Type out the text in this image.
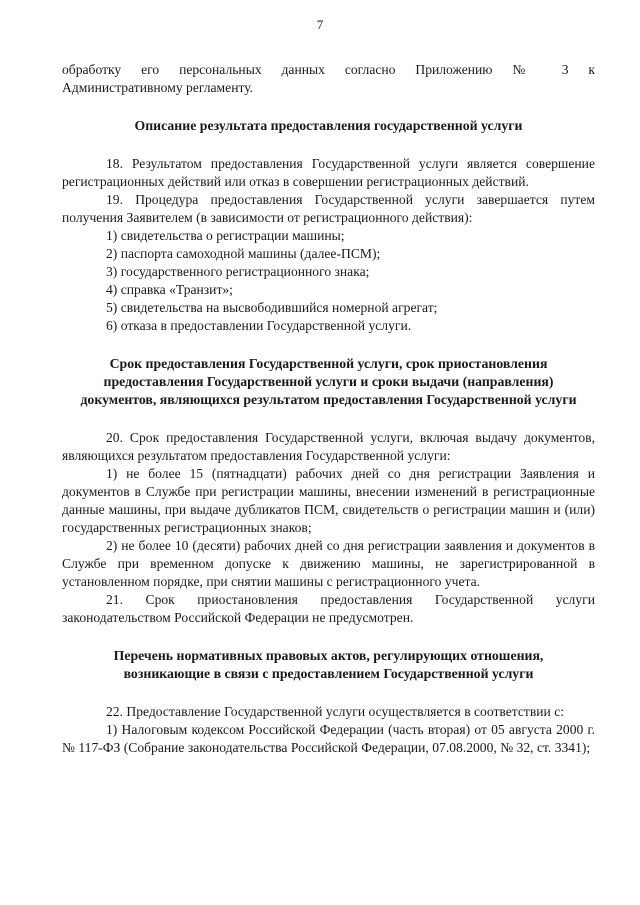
7

обработку его персональных данных согласно Приложению № 3 к

Административному регламенту.

Описание результата предоставления государственной услуги

18. Результатом предоставления Государственной услуги является совершение регистрационных действий или отказ в совершении регистрационных действий.

19. Процедура предоставления Государственной услуги завершается путем получения Заявителем (в зависимости от регистрационного действия):

1) свидетельства о регистрации машины;

2) паспорта самоходной машины (далее-ПСМ);

3) государственного регистрационного знака;

4) справка «Транзит»;

5) свидетельства на высвободившийся номерной агрегат;

6) отказа в предоставлении Государственной услуги.

Срок предоставления Государственной услуги, срок приостановления предоставления Государственной услуги и сроки выдачи (направления) документов, являющихся результатом предоставления Государственной услуги

20. Срок предоставления Государственной услуги, включая выдачу документов, являющихся результатом предоставления Государственной услуги:

1) не более 15 (пятнадцати) рабочих дней со дня регистрации Заявления и документов в Службе при регистрации машины, внесении изменений в регистрационные данные машины, при выдаче дубликатов ПСМ, свидетельств о регистрации машин и (или) государственных регистрационных знаков;

2) не более 10 (десяти) рабочих дней со дня регистрации заявления и документов в Службе при временном допуске к движению машины, не зарегистрированной в установленном порядке, при снятии машины с регистрационного учета.

21. Срок приостановления предоставления Государственной услуги законодательством Российской Федерации не предусмотрен.

Перечень нормативных правовых актов, регулирующих отношения, возникающие в связи с предоставлением Государственной услуги

22. Предоставление Государственной услуги осуществляется в соответствии с:

1) Налоговым кодексом Российской Федерации (часть вторая) от 05 августа 2000 г. № 117-ФЗ (Собрание законодательства Российской Федерации, 07.08.2000, № 32, ст. 3341);
